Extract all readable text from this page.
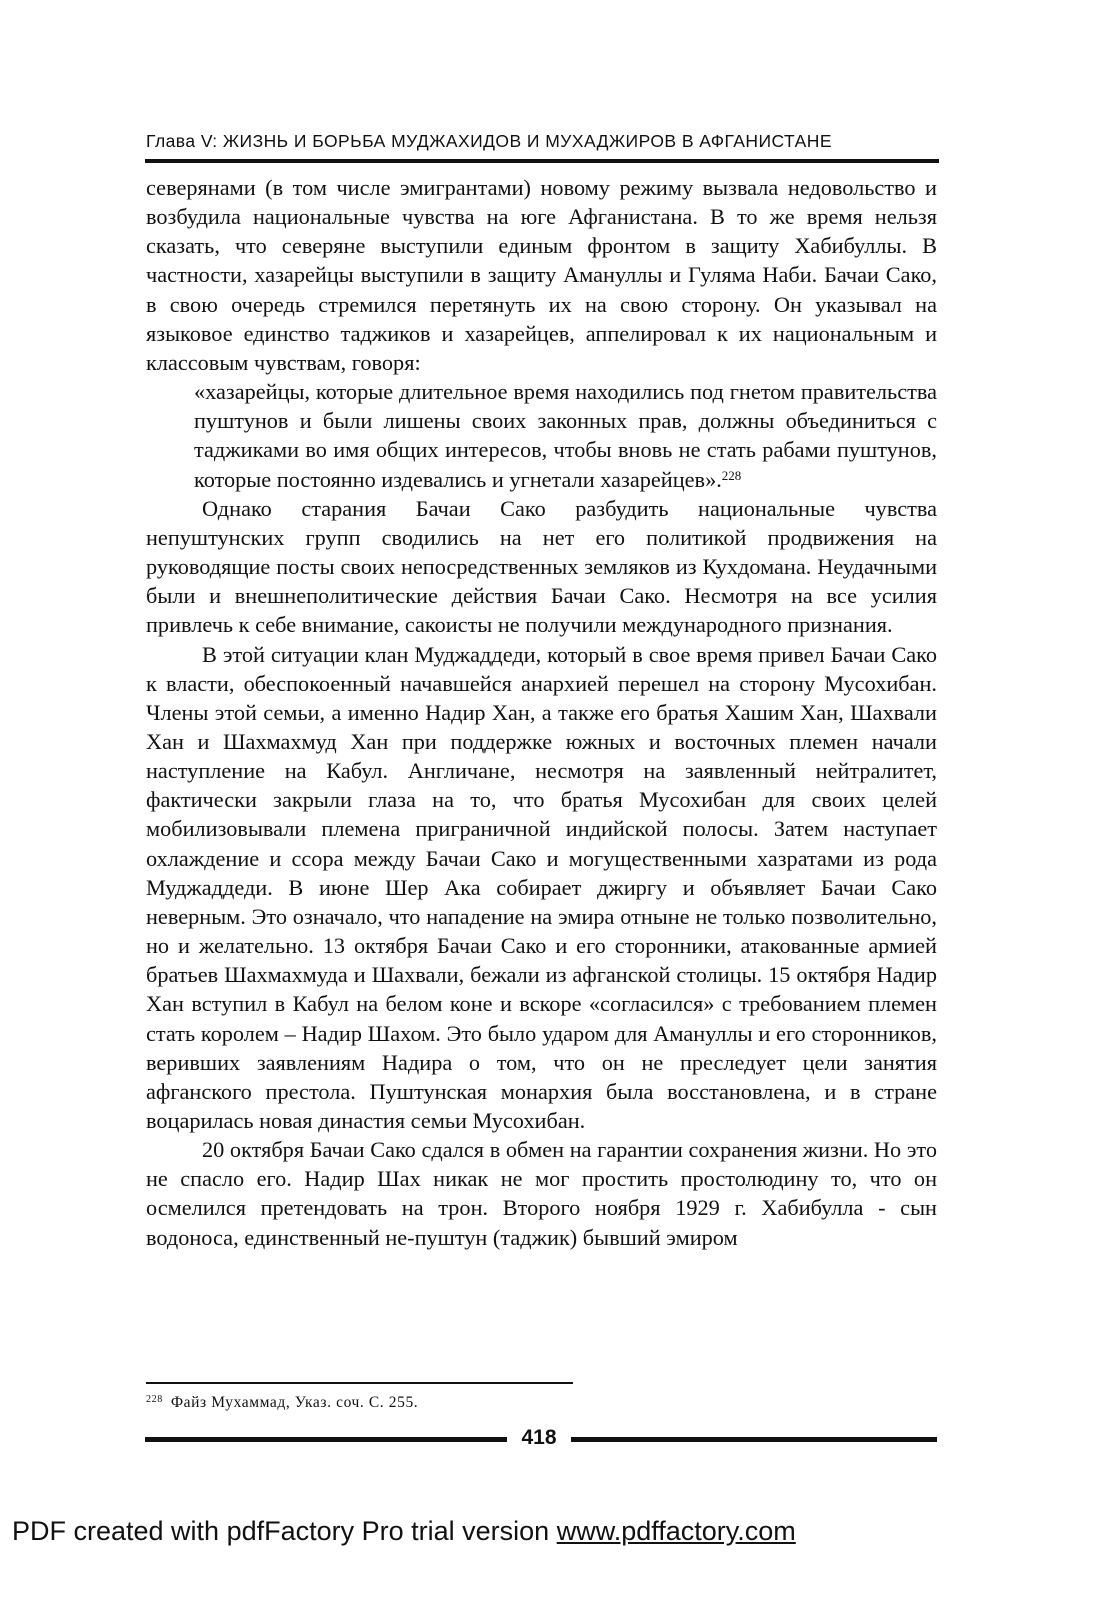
Глава V: ЖИЗНЬ И БОРЬБА МУДЖАХИДОВ И МУХАДЖИРОВ В АФГАНИСТАНЕ

северянами (в том числе эмигрантами) новому режиму вызвала недовольство и возбудила национальные чувства на юге Афганистана. В то же время нельзя сказать, что северяне выступили единым фронтом в защиту Хабибуллы. В частности, хазарейцы выступили в защиту Амануллы и Гуляма Наби. Бачаи Сако, в свою очередь стремился перетянуть их на свою сторону. Он указывал на языковое единство таджиков и хазарейцев, аппелировал к их национальным и классовым чувствам, говоря:

«хазарейцы, которые длительное время находились под гнетом правительства пуштунов и были лишены своих законных прав, должны объединиться с таджиками во имя общих интересов, чтобы вновь не стать рабами пуштунов, которые постоянно издевались и угнетали хазарейцев».$^{228}$

Однако старания Бачаи Сако разбудить национальные чувства непуштунских групп сводились на нет его политикой продвижения на руководящие посты своих непосредственных земляков из Кухдомана. Неудачными были и внешнеполитические действия Бачаи Сако. Несмотря на все усилия привлечь к себе внимание, сакоисты не получили международного признания.

В этой ситуации клан Муджаддеди, который в свое время привел Бачаи Сако к власти, обеспокоенный начавшейся анархией перешел на сторону Мусохибан. Члены этой семьи, а именно Надир Хан, а также его братья Хашим Хан, Шахвали Хан и Шахмахмуд Хан при поддержке южных и восточных племен начали наступление на Кабул. Англичане, несмотря на заявленный нейтралитет, фактически закрыли глаза на то, что братья Мусохибан для своих целей мобилизовывали племена приграничной индийской полосы. Затем наступает охлаждение и ссора между Бачаи Сако и могущественными хазратами из рода Муджаддеди. В июне Шер Ака собирает джиргу и объявляет Бачаи Сако неверным. Это означало, что нападение на эмира отныне не только позволительно, но и желательно. 13 октября Бачаи Сако и его сторонники, атакованные армией братьев Шахмахмуда и Шахвали, бежали из афганской столицы. 15 октября Надир Хан вступил в Кабул на белом коне и вскоре «согласился» с требованием племен стать королем – Надир Шахом. Это было ударом для Амануллы и его сторонников, веривших заявлениям Надира о том, что он не преследует цели занятия афганского престола. Пуштунская монархия была восстановлена, и в стране воцарилась новая династия семьи Мусохибан.

20 октября Бачаи Сако сдался в обмен на гарантии сохранения жизни. Но это не спасло его. Надир Шах никак не мог простить простолюдину то, что он осмелился претендовать на трон. Второго ноября 1929 г. Хабибулла - сын водоноса, единственный не-пуштун (таджик) бывший эмиром

$^{228}$ Файз Мухаммад, Указ. соч. С. 255.
418
PDF created with pdfFactory Pro trial version www.pdffactory.com
